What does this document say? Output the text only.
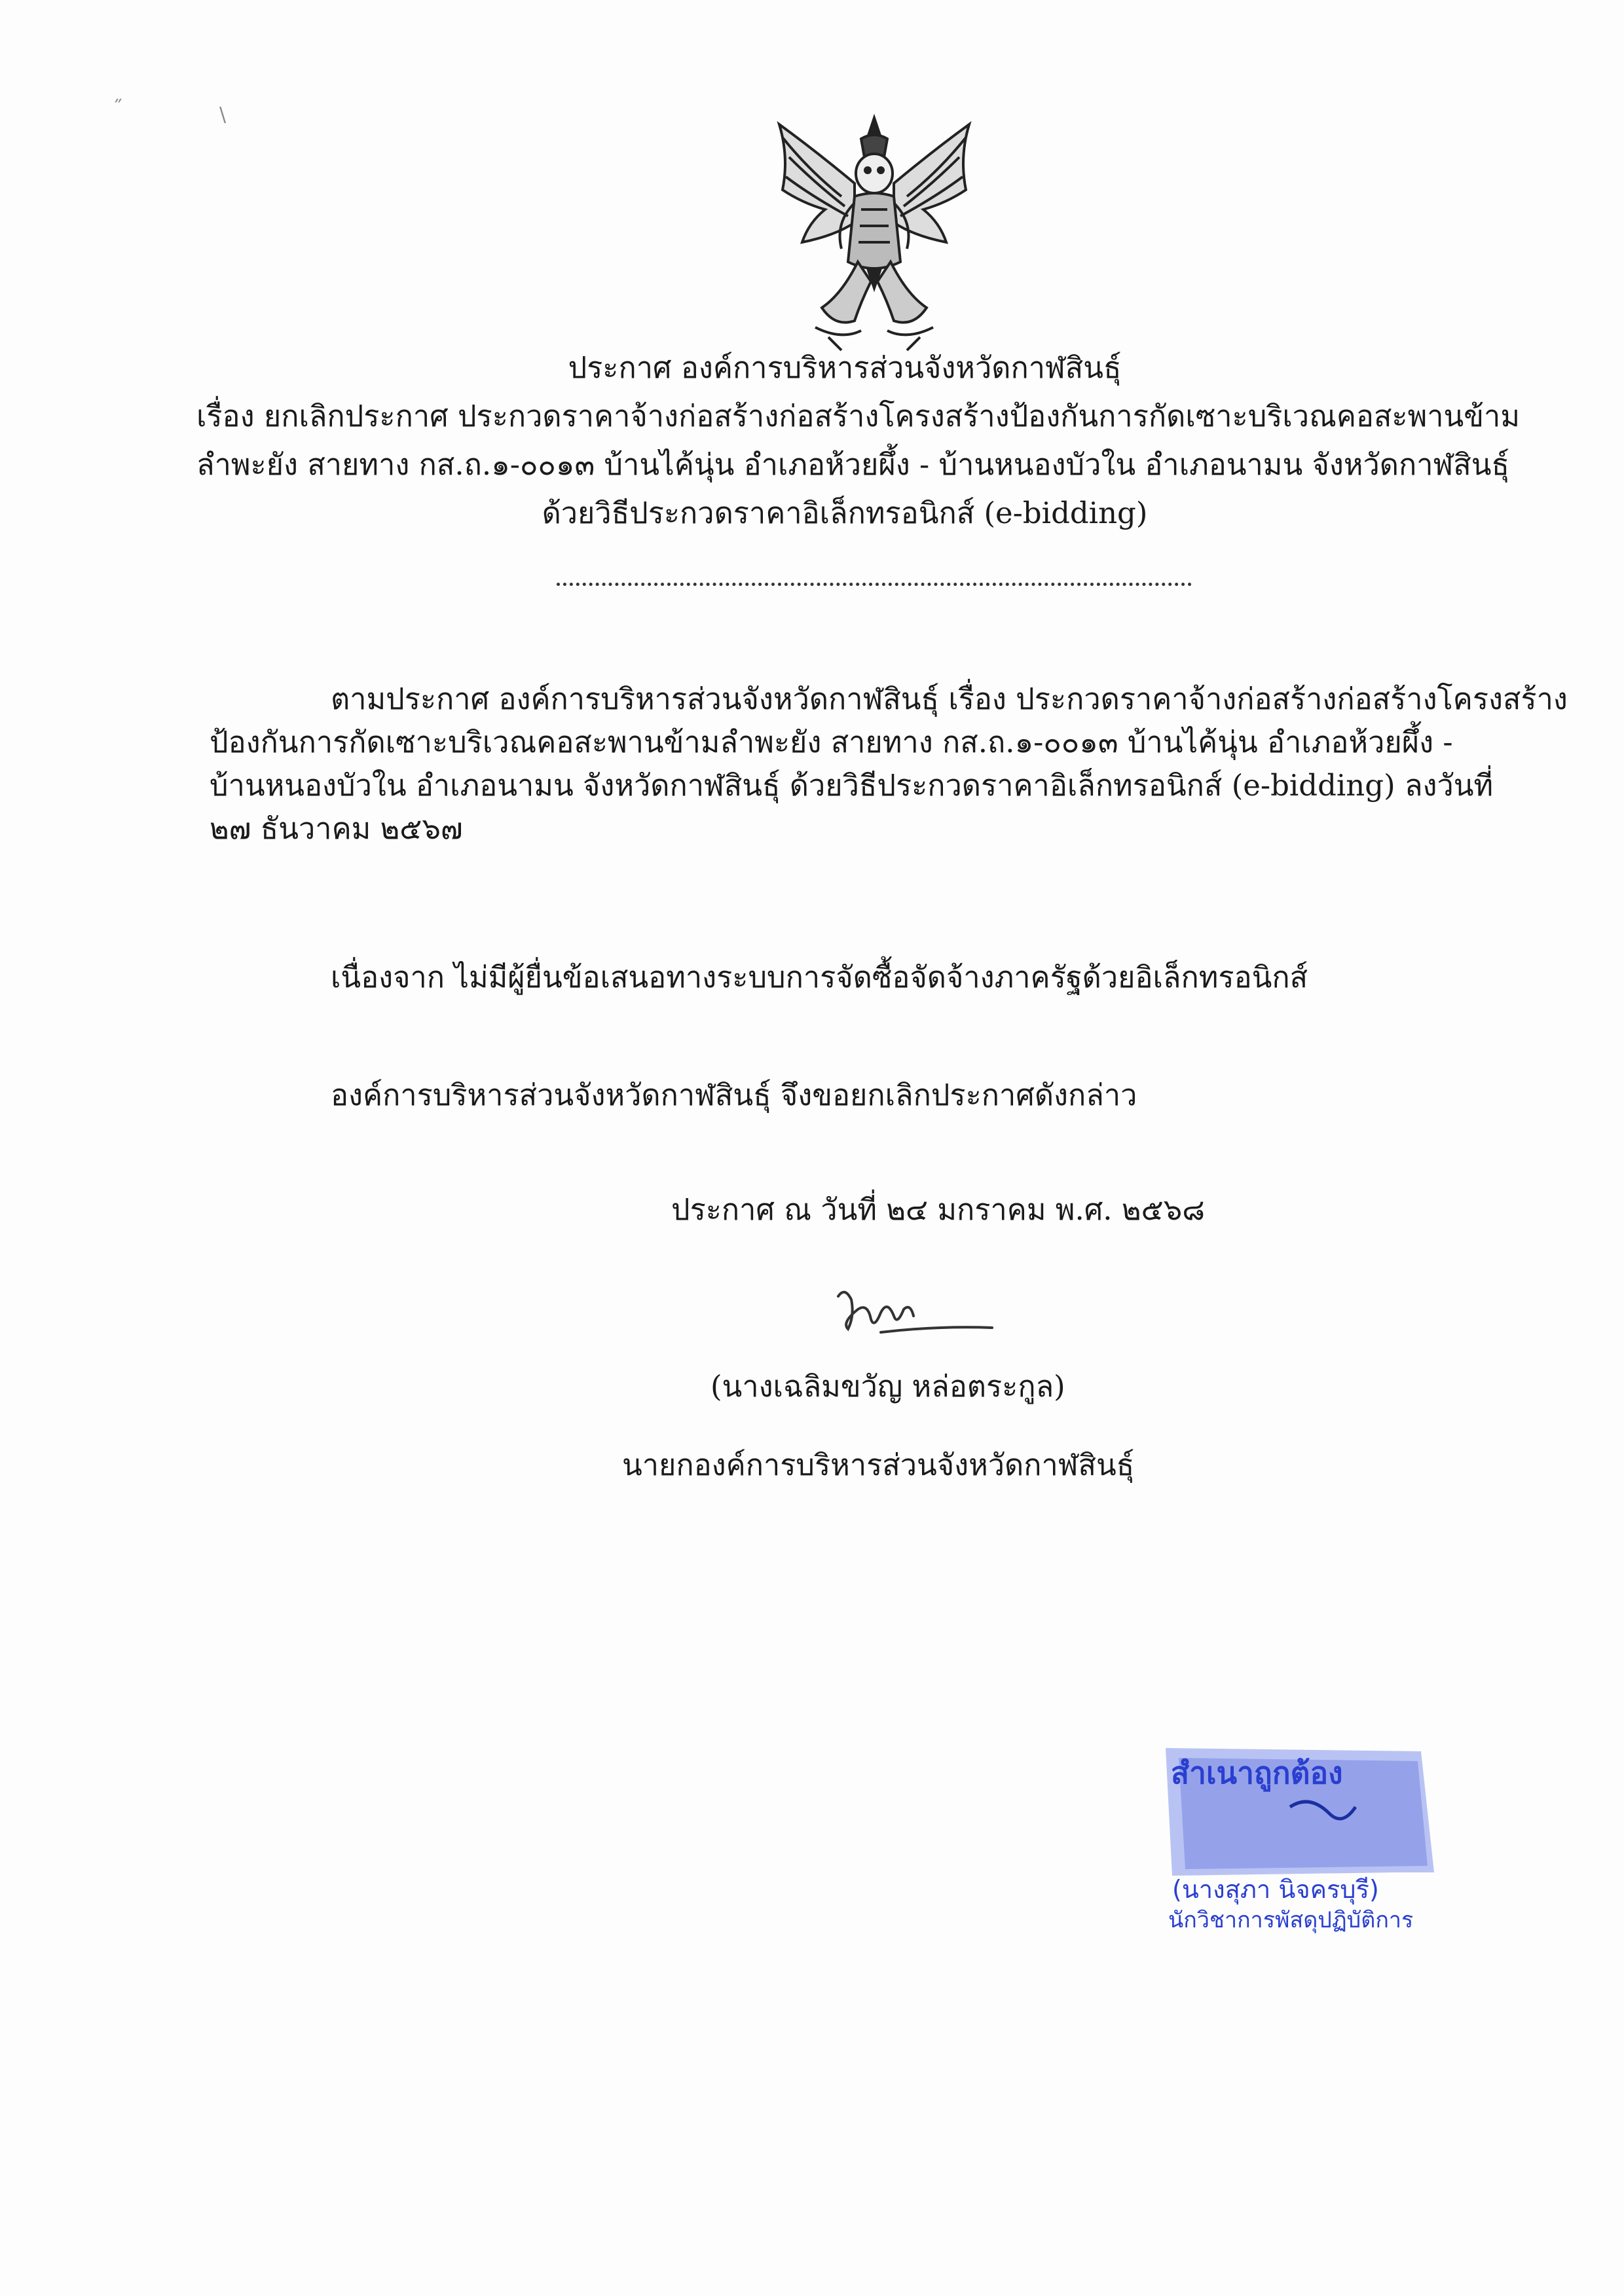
˝	\
ประกาศ องค์การบริหารส่วนจังหวัดกาฬสินธุ์
เรื่อง ยกเลิกประกาศ ประกวดราคาจ้างก่อสร้างก่อสร้างโครงสร้างป้องกันการกัดเซาะบริเวณคอสะพานข้าม
ลำพะยัง สายทาง กส.ถ.๑-๐๐๑๓ บ้านไค้นุ่น อำเภอห้วยผึ้ง - บ้านหนองบัวใน อำเภอนามน จังหวัดกาฬสินธุ์
ด้วยวิธีประกวดราคาอิเล็กทรอนิกส์ (e-bidding)
ตามประกาศ องค์การบริหารส่วนจังหวัดกาฬสินธุ์ เรื่อง ประกวดราคาจ้างก่อสร้างก่อสร้างโครงสร้าง
ป้องกันการกัดเซาะบริเวณคอสะพานข้ามลำพะยัง สายทาง กส.ถ.๑-๐๐๑๓ บ้านไค้นุ่น อำเภอห้วยผึ้ง -
บ้านหนองบัวใน อำเภอนามน จังหวัดกาฬสินธุ์ ด้วยวิธีประกวดราคาอิเล็กทรอนิกส์ (e-bidding) ลงวันที่
๒๗ ธันวาคม ๒๕๖๗
เนื่องจาก ไม่มีผู้ยื่นข้อเสนอทางระบบการจัดซื้อจัดจ้างภาครัฐด้วยอิเล็กทรอนิกส์
องค์การบริหารส่วนจังหวัดกาฬสินธุ์ จึงขอยกเลิกประกาศดังกล่าว
ประกาศ ณ วันที่ ๒๔ มกราคม พ.ศ. ๒๕๖๘
(นางเฉลิมขวัญ หล่อตระกูล)
นายกองค์การบริหารส่วนจังหวัดกาฬสินธุ์
สำเนาถูกต้อง
(นางสุภา นิจครบุรี)
นักวิชาการพัสดุปฏิบัติการ
